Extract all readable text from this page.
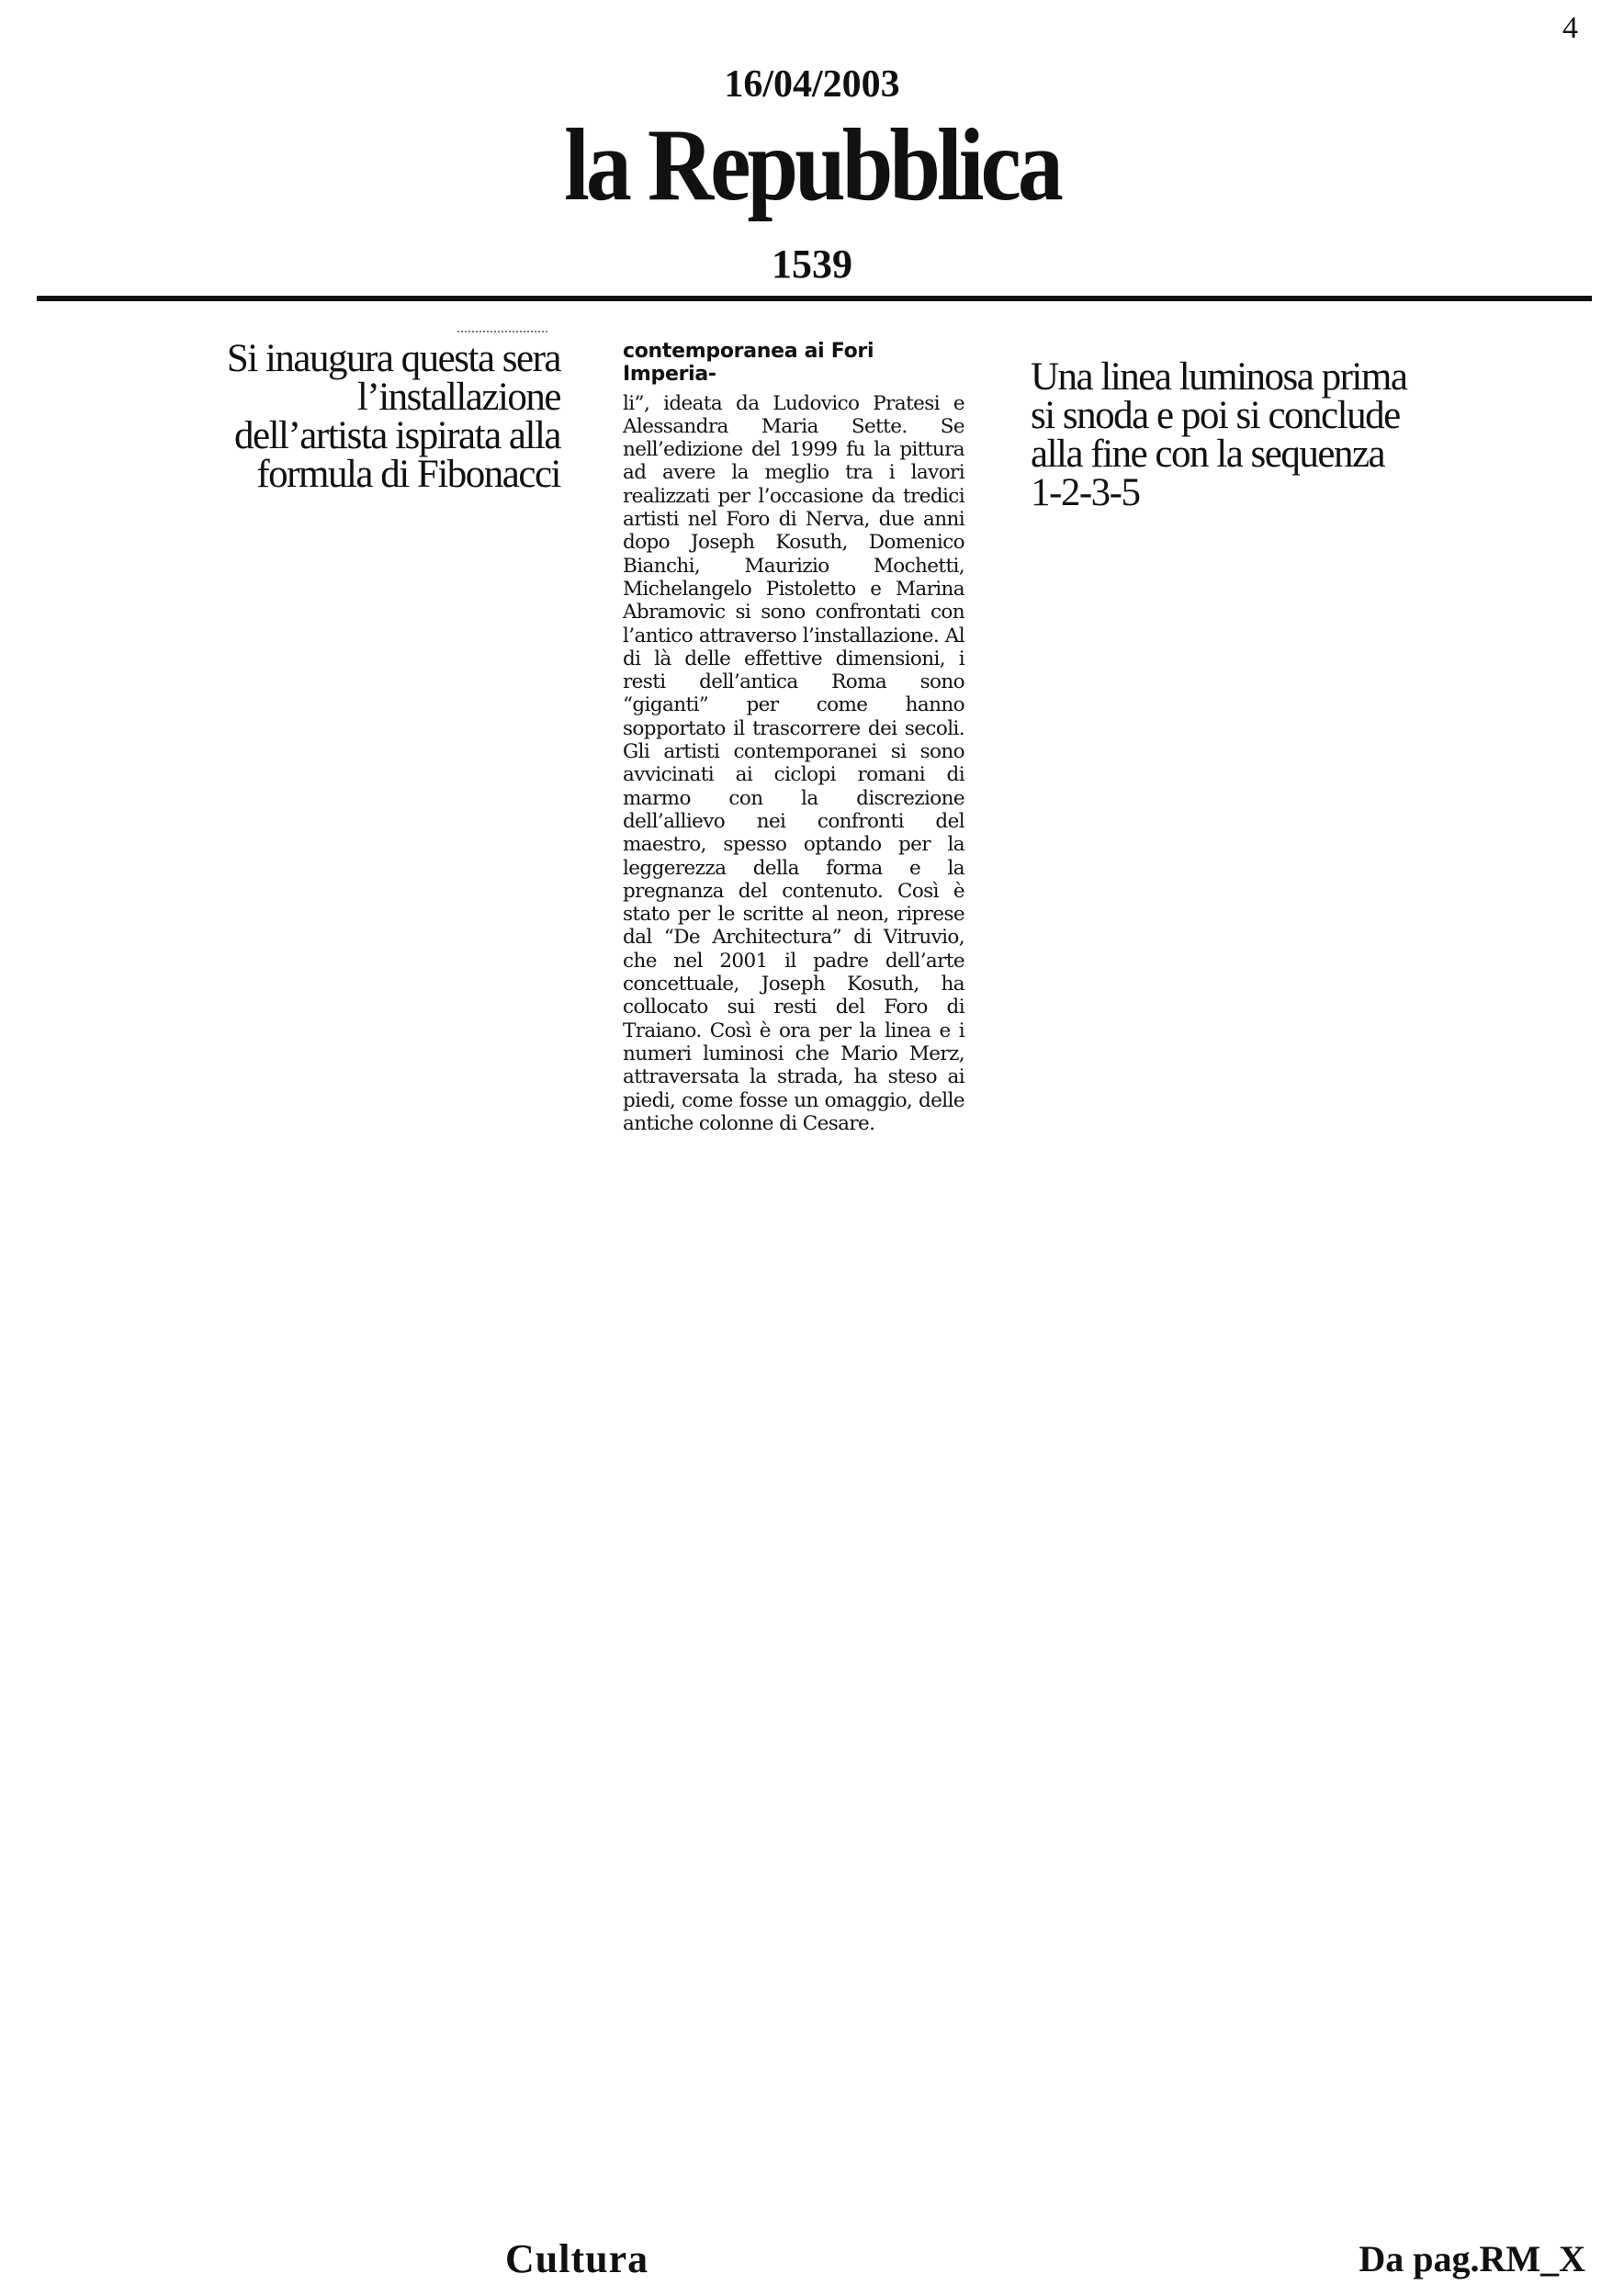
4
16/04/2003
la Repubblica
1539
Si inaugura questa sera l’installazione dell’artista ispirata alla formula di Fibonacci
contemporanea ai Fori Imperia-
li”, ideata da Ludovico Pratesi e Alessandra Maria Sette. Se nell’edizione del 1999 fu la pittura ad avere la meglio tra i lavori realizzati per l’occasione da tredici artisti nel Foro di Nerva, due anni dopo Joseph Kosuth, Domenico Bianchi, Maurizio Mochetti, Michelangelo Pistoletto e Marina Abramovic si sono confrontati con l’antico attraverso l’installazione. Al di là delle effettive dimensioni, i resti dell’antica Roma sono “giganti” per come hanno sopportato il trascorrere dei secoli. Gli artisti contemporanei si sono avvicinati ai ciclopi romani di marmo con la discrezione dell’allievo nei confronti del maestro, spesso optando per la leggerezza della forma e la pregnanza del contenuto. Così è stato per le scritte al neon, riprese dal “De Architectura” di Vitruvio, che nel 2001 il padre dell’arte concettuale, Joseph Kosuth, ha collocato sui resti del Foro di Traiano. Così è ora per la linea e i numeri luminosi che Mario Merz, attraversata la strada, ha steso ai piedi, come fosse un omaggio, delle antiche colonne di Cesare.
Una linea luminosa prima si snoda e poi si conclude alla fine con la sequenza 1-2-3-5
Cultura	Da pag.RM_X
